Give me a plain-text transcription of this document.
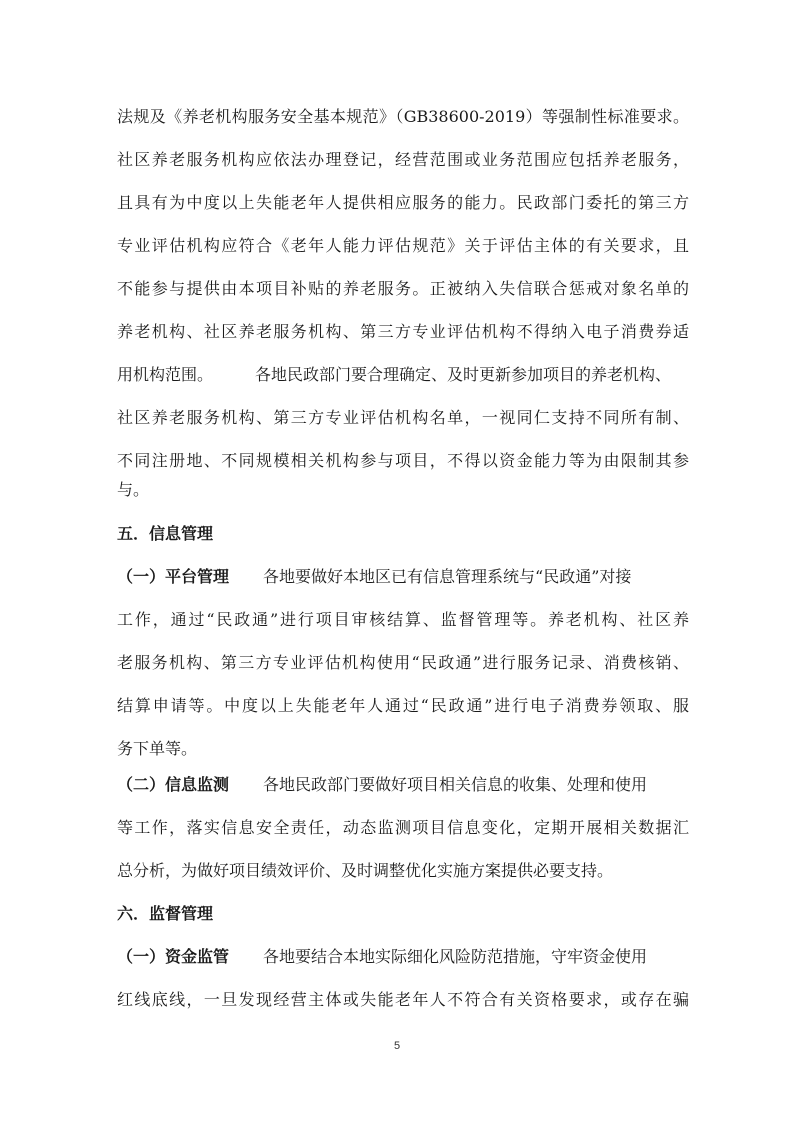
法规及《养老机构服务安全基本规范》（GB38600-2019）等强制性标准要求。
社区养老服务机构应依法办理登记，经营范围或业务范围应包括养老服务，
且具有为中度以上失能老年人提供相应服务的能力。民政部门委托的第三方
专业评估机构应符合《老年人能力评估规范》关于评估主体的有关要求，且
不能参与提供由本项目补贴的养老服务。正被纳入失信联合惩戒对象名单的
养老机构、社区养老服务机构、第三方专业评估机构不得纳入电子消费券适
用机构范围。	各地民政部门要合理确定、及时更新参加项目的养老机构、
社区养老服务机构、第三方专业评估机构名单，一视同仁支持不同所有制、
不同注册地、不同规模相关机构参与项目，不得以资金能力等为由限制其参
与。
五．信息管理
（一）平台管理 各地要做好本地区已有信息管理系统与“民政通”对接
工作，通过“民政通”进行项目审核结算、监督管理等。养老机构、社区养
老服务机构、第三方专业评估机构使用“民政通”进行服务记录、消费核销、
结算申请等。中度以上失能老年人通过“民政通”进行电子消费券领取、服
务下单等。
（二）信息监测 各地民政部门要做好项目相关信息的收集、处理和使用
等工作，落实信息安全责任，动态监测项目信息变化，定期开展相关数据汇
总分析，为做好项目绩效评价、及时调整优化实施方案提供必要支持。
六．监督管理
（一）资金监管 各地要结合本地实际细化风险防范措施，守牢资金使用
红线底线，一旦发现经营主体或失能老年人不符合有关资格要求，或存在骗
5
